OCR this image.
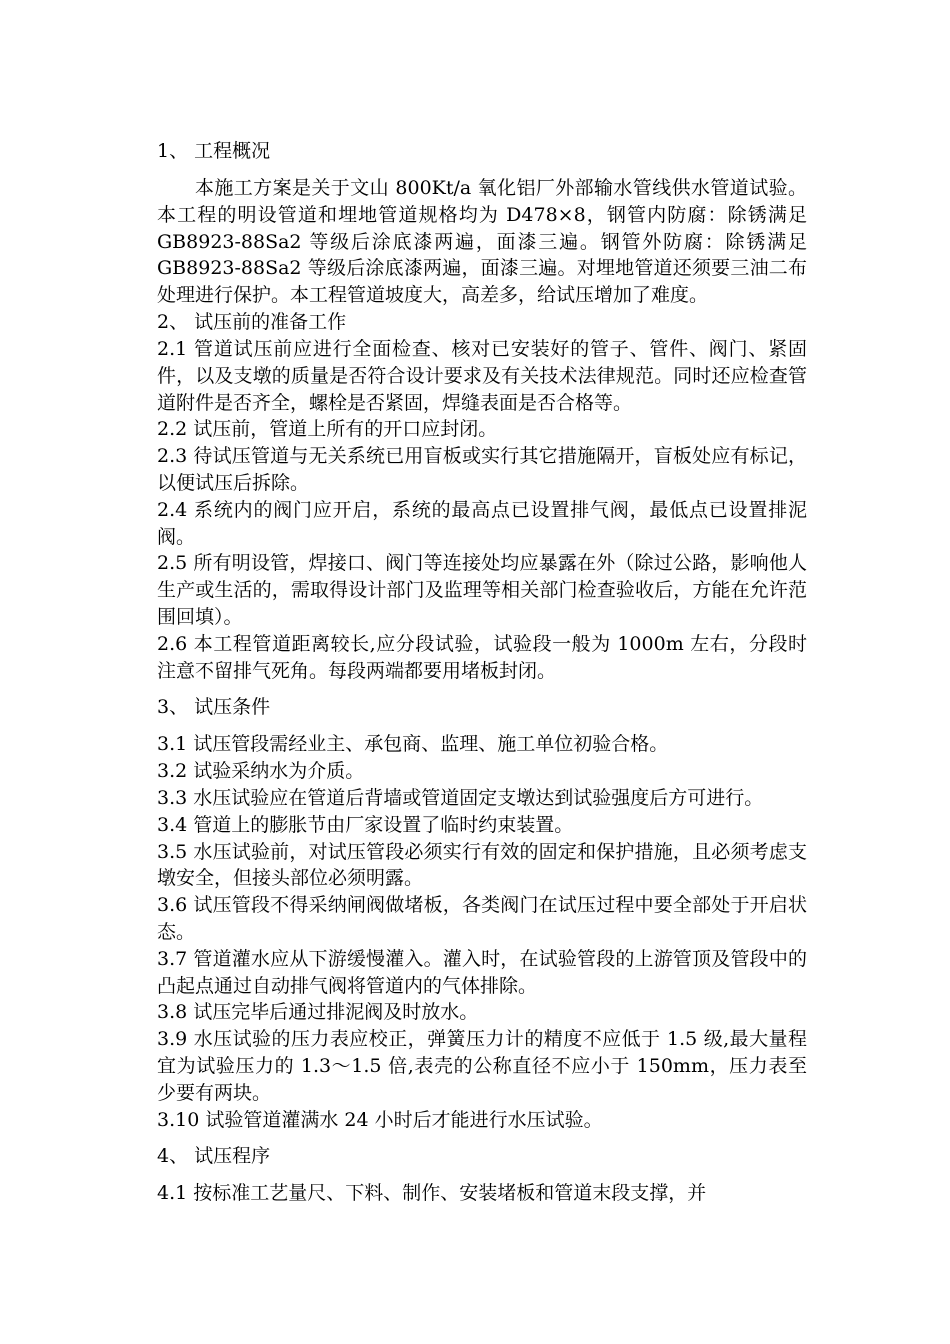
1、 工程概况

本施工方案是关于文山 800Kt/a 氧化铝厂外部输水管线供水管道试验。本工程的明设管道和埋地管道规格均为 D478×8，钢管内防腐：除锈满足 GB8923-88Sa2 等级后涂底漆两遍，面漆三遍。钢管外防腐：除锈满足 GB8923-88Sa2 等级后涂底漆两遍，面漆三遍。对埋地管道还须要三油二布处理进行保护。本工程管道坡度大，高差多，给试压增加了难度。

2、 试压前的准备工作

2.1 管道试压前应进行全面检查、核对已安装好的管子、管件、阀门、紧固件，以及支墩的质量是否符合设计要求及有关技术法律规范。同时还应检查管道附件是否齐全，螺栓是否紧固，焊缝表面是否合格等。

2.2 试压前，管道上所有的开口应封闭。

2.3 待试压管道与无关系统已用盲板或实行其它措施隔开，盲板处应有标记，以便试压后拆除。

2.4 系统内的阀门应开启，系统的最高点已设置排气阀，最低点已设置排泥阀。

2.5 所有明设管，焊接口、阀门等连接处均应暴露在外（除过公路，影响他人生产或生活的，需取得设计部门及监理等相关部门检查验收后，方能在允许范围回填）。

2.6 本工程管道距离较长,应分段试验，试验段一般为 1000m 左右，分段时注意不留排气死角。每段两端都要用堵板封闭。

3、 试压条件

3.1 试压管段需经业主、承包商、监理、施工单位初验合格。

3.2 试验采纳水为介质。

3.3 水压试验应在管道后背墙或管道固定支墩达到试验强度后方可进行。

3.4 管道上的膨胀节由厂家设置了临时约束装置。

3.5 水压试验前，对试压管段必须实行有效的固定和保护措施，且必须考虑支墩安全，但接头部位必须明露。

3.6 试压管段不得采纳闸阀做堵板，各类阀门在试压过程中要全部处于开启状态。

3.7 管道灌水应从下游缓慢灌入。灌入时，在试验管段的上游管顶及管段中的凸起点通过自动排气阀将管道内的气体排除。

3.8 试压完毕后通过排泥阀及时放水。

3.9 水压试验的压力表应校正，弹簧压力计的精度不应低于 1.5 级,最大量程宜为试验压力的 1.3～1.5 倍,表壳的公称直径不应小于 150mm，压力表至少要有两块。

3.10 试验管道灌满水 24 小时后才能进行水压试验。

4、 试压程序

4.1 按标准工艺量尺、下料、制作、安装堵板和管道末段支撑，并
